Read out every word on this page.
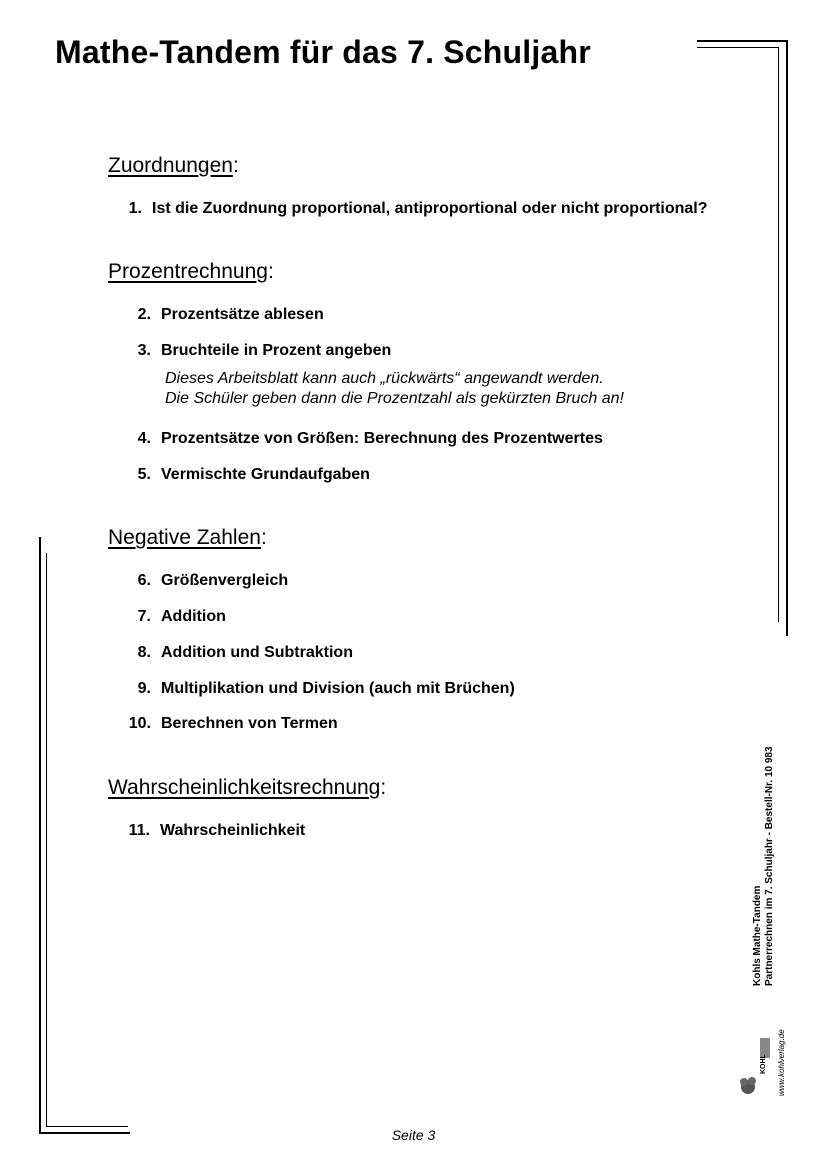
Mathe-Tandem für das 7. Schuljahr
Zuordnungen:
1. Ist die Zuordnung proportional, antiproportional oder nicht proportional?
Prozentrechnung:
2. Prozentsätze ablesen
3. Bruchteile in Prozent angeben
Dieses Arbeitsblatt kann auch „rückwärts“ angewandt werden.
Die Schüler geben dann die Prozentzahl als gekürzten Bruch an!
4. Prozentsätze von Größen: Berechnung des Prozentwertes
5. Vermischte Grundaufgaben
Negative Zahlen:
6. Größenvergleich
7. Addition
8. Addition und Subtraktion
9. Multiplikation und Division (auch mit Brüchen)
10. Berechnen von Termen
Wahrscheinlichkeitsrechnung:
11. Wahrscheinlichkeit
KOHL
Kohls Mathe-Tandem Partnerrechnen im 7. Schuljahr - Bestell-Nr. 10 983
www.kohlverlag.de
Seite 3
